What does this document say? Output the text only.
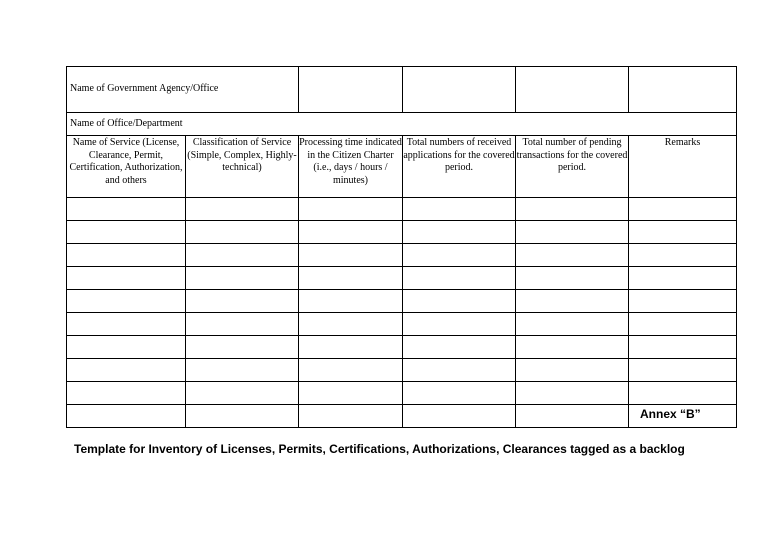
Name of Government Agency/Office					
Name of Office/Department					
Name of Service (License, Clearance, Permit, Certification, Authorization, and others	Classification of Service (Simple, Complex, Highly-technical)	Processing time indicated in the Citizen Charter (i.e., days / hours / minutes)	Total numbers of received applications for the covered period.	Total number of pending transactions for the covered period.	Remarks

Annex “B”
Template for Inventory of Licenses, Permits, Certifications, Authorizations, Clearances tagged as a backlog
